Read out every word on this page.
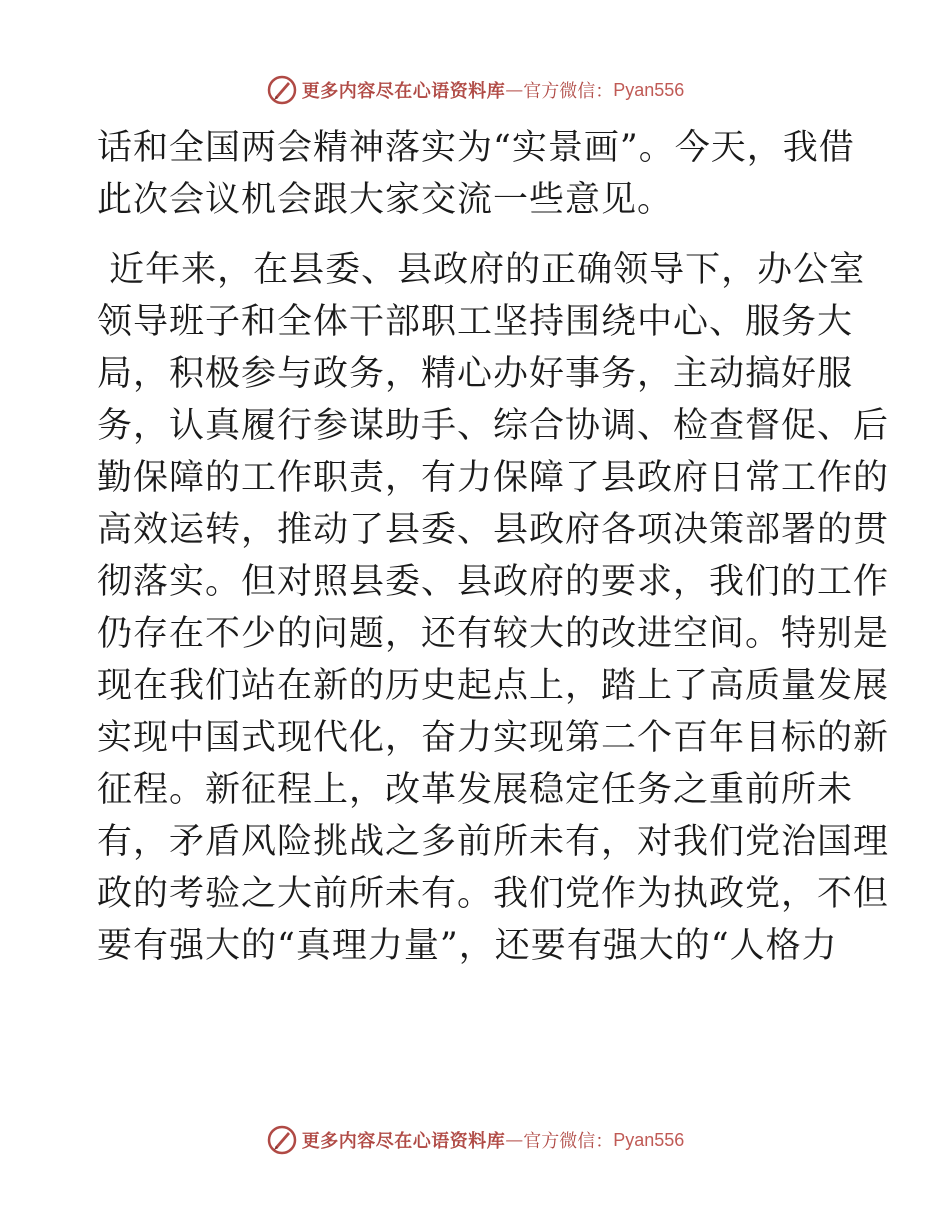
更多内容尽在心语资料库 — 官方微信： Pyan556
话和全国两会精神落实为“实景画”。今天，我借
此次会议机会跟大家交流一些意见。
近年来，在县委、县政府的正确领导下，办公室
领导班子和全体干部职工坚持围绕中心、服务大
局，积极参与政务，精心办好事务，主动搞好服
务，认真履行参谋助手、综合协调、检查督促、后
勤保障的工作职责，有力保障了县政府日常工作的
高效运转，推动了县委、县政府各项决策部署的贯
彻落实。但对照县委、县政府的要求，我们的工作
仍存在不少的问题，还有较大的改进空间。特别是
现在我们站在新的历史起点上，踏上了高质量发展
实现中国式现代化，奋力实现第二个百年目标的新
征程。新征程上，改革发展稳定任务之重前所未
有，矛盾风险挑战之多前所未有，对我们党治国理
政的考验之大前所未有。我们党作为执政党，不但
要有强大的“真理力量”，还要有强大的“人格力
更多内容尽在心语资料库 — 官方微信： Pyan556
